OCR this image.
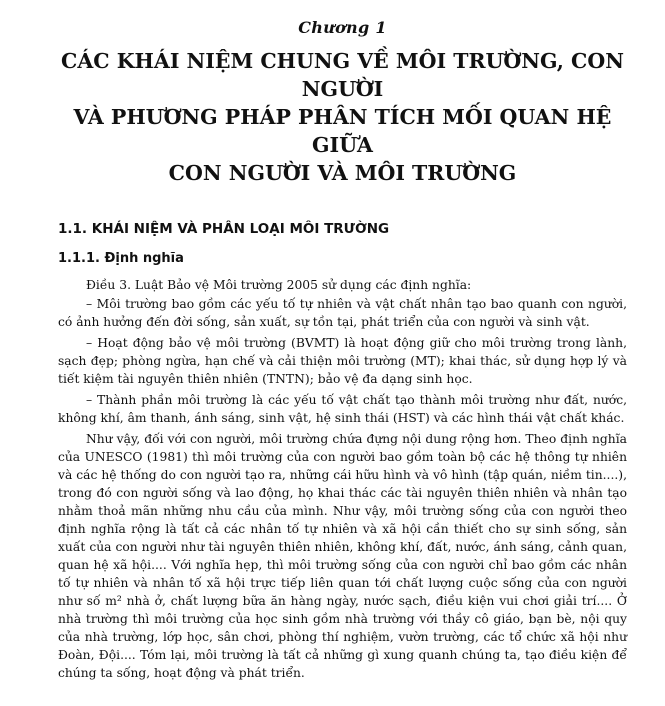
Chương 1
CÁC KHÁI NIỆM CHUNG VỀ MÔI TRƯỜNG, CON NGƯỜI
VÀ PHƯƠNG PHÁP PHÂN TÍCH MỐI QUAN HỆ GIỮA
CON NGƯỜI VÀ MÔI TRƯỜNG
1.1. KHÁI NIỆM VÀ PHÂN LOẠI MÔI TRƯỜNG
1.1.1. Định nghĩa

Điều 3. Luật Bảo vệ Môi trường 2005 sử dụng các định nghĩa:

– Môi trường bao gồm các yếu tố tự nhiên và vật chất nhân tạo bao quanh con người, có ảnh hưởng đến đời sống, sản xuất, sự tồn tại, phát triển của con người và sinh vật.

– Hoạt động bảo vệ môi trường (BVMT) là hoạt động giữ cho môi trường trong lành, sạch đẹp; phòng ngừa, hạn chế và cải thiện môi trường (MT); khai thác, sử dụng hợp lý và tiết kiệm tài nguyên thiên nhiên (TNTN); bảo vệ đa dạng sinh học.

– Thành phần môi trường là các yếu tố vật chất tạo thành môi trường như đất, nước, không khí, âm thanh, ánh sáng, sinh vật, hệ sinh thái (HST) và các hình thái vật chất khác.

Như vậy, đối với con người, môi trường chứa đựng nội dung rộng hơn. Theo định nghĩa của UNESCO (1981) thì môi trường của con người bao gồm toàn bộ các hệ thông tự nhiên và các hệ thống do con người tạo ra, những cái hữu hình và vô hình (tập quán, niềm tin....), trong đó con người sống và lao động, họ khai thác các tài nguyên thiên nhiên và nhân tạo nhằm thoả mãn những nhu cầu của mình. Như vậy, môi trường sống của con người theo định nghĩa rộng là tất cả các nhân tố tự nhiên và xã hội cần thiết cho sự sinh sống, sản xuất của con người như tài nguyên thiên nhiên, không khí, đất, nước, ánh sáng, cảnh quan, quan hệ xã hội.... Với nghĩa hẹp, thì môi trường sống của con người chỉ bao gồm các nhân tố tự nhiên và nhân tố xã hội trực tiếp liên quan tới chất lượng cuộc sống của con người như số m² nhà ở, chất lượng bữa ăn hàng ngày, nước sạch, điều kiện vui chơi giải trí.... Ở nhà trường thì môi trường của học sinh gồm nhà trường với thầy cô giáo, bạn bè, nội quy của nhà trường, lớp học, sân chơi, phòng thí nghiệm, vườn trường, các tổ chức xã hội như Đoàn, Đội.... Tóm lại, môi trường là tất cả những gì xung quanh chúng ta, tạo điều kiện để chúng ta sống, hoạt động và phát triển.
